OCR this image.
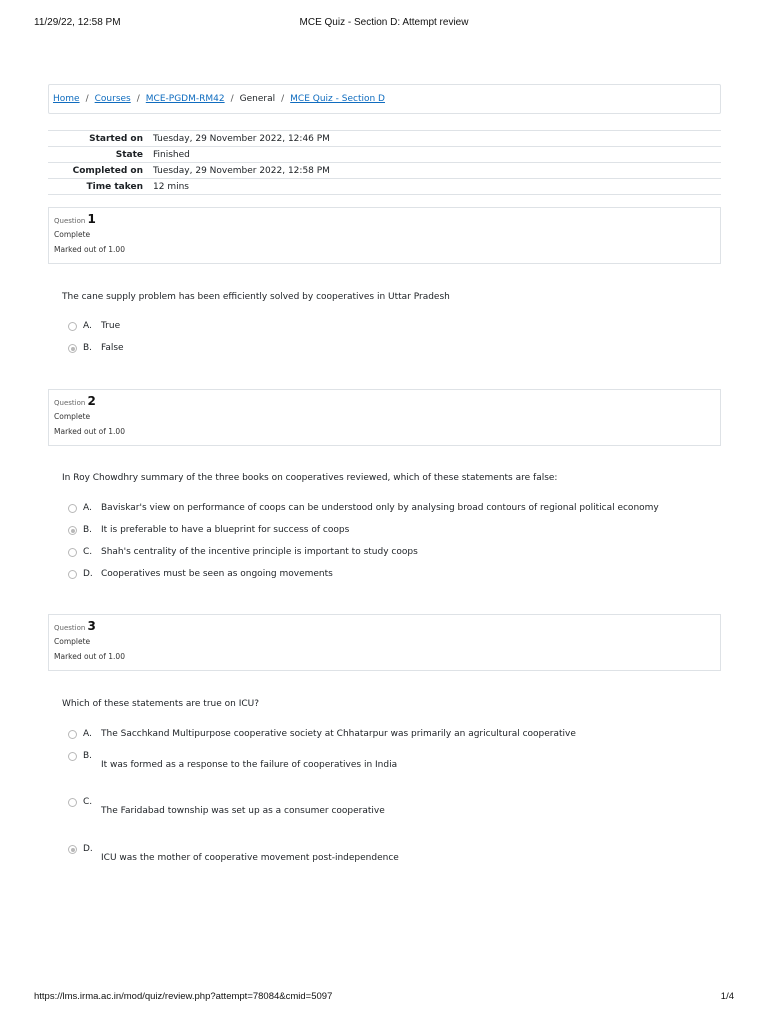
11/29/22, 12:58 PM	MCE Quiz - Section D: Attempt review
Home / Courses / MCE-PGDM-RM42 / General / MCE Quiz - Section D
Started on	Tuesday, 29 November 2022, 12:46 PM
State	Finished
Completed on	Tuesday, 29 November 2022, 12:58 PM
Time taken	12 mins
Question 1
Complete
Marked out of 1.00
The cane supply problem has been efficiently solved by cooperatives in Uttar Pradesh
A.	True
B. False
Question 2
Complete
Marked out of 1.00
In Roy Chowdhry summary of the three books on cooperatives reviewed, which of these statements are false:
A.	Baviskar's view on performance of coops can be understood only by analysing broad contours of regional political economy
B. It is preferable to have a blueprint for success of coops
C. Shah's centrality of the incentive principle is important to study coops
D. Cooperatives must be seen as ongoing movements
Question 3
Complete
Marked out of 1.00
Which of these statements are true on ICU?
A.	The Sacchkand Multipurpose cooperative society at Chhatarpur was primarily an agricultural cooperative
B.
It was formed as a response to the failure of cooperatives in India
C.
The Faridabad township was set up as a consumer cooperative
D.
ICU was the mother of cooperative movement post-independence
https://lms.irma.ac.in/mod/quiz/review.php?attempt=78084&cmid=5097	1/4
